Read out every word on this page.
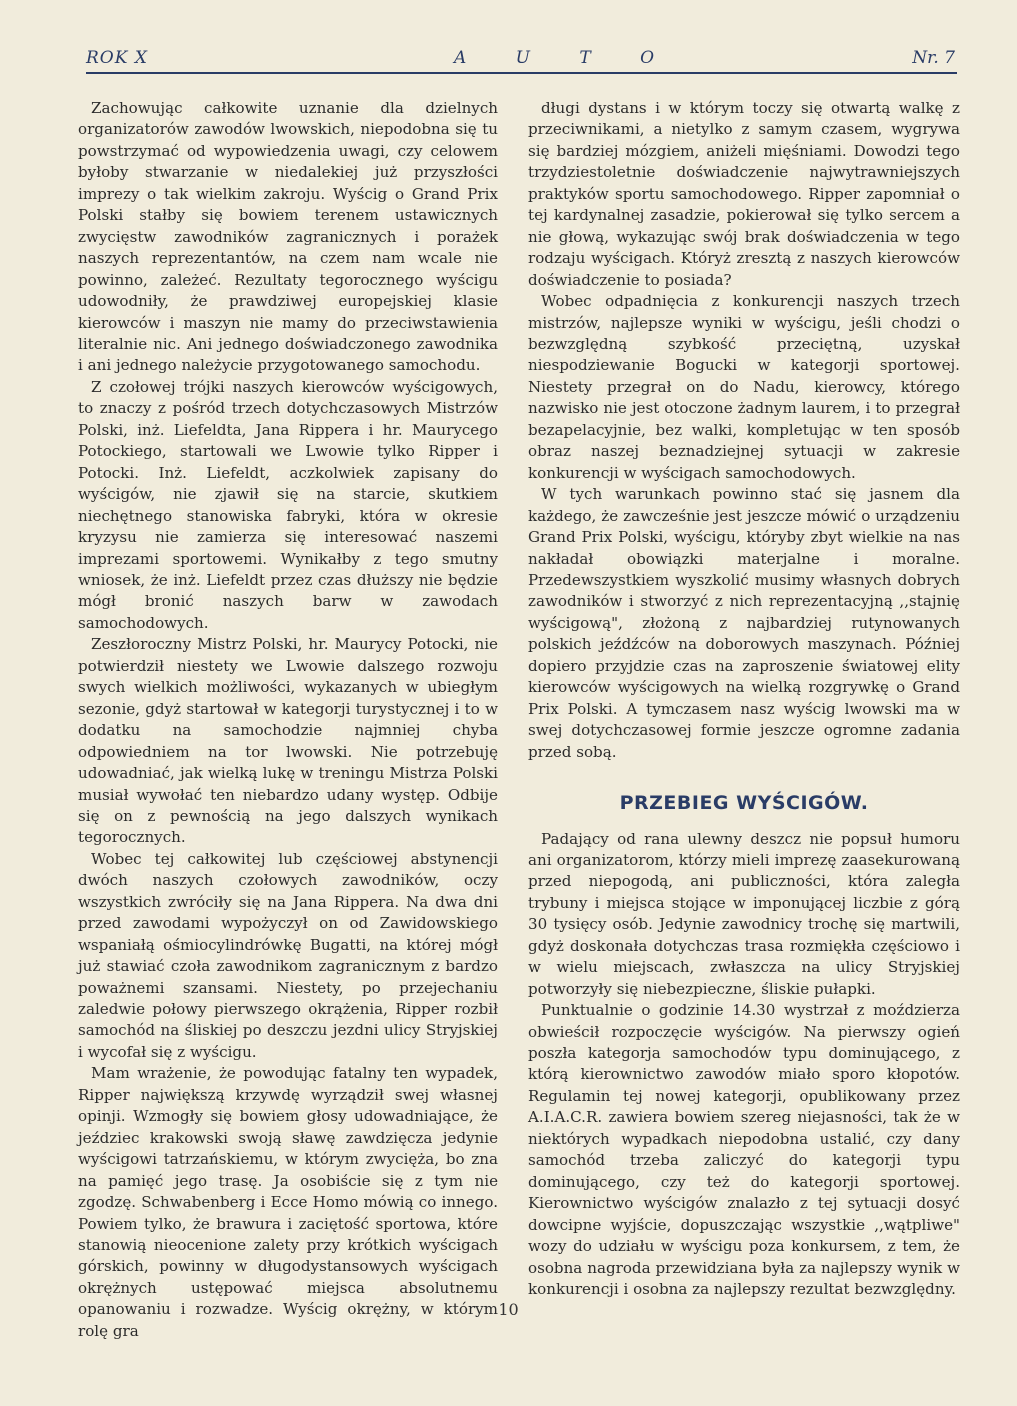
ROK X	A U T O	Nr. 7

Zachowując całkowite uznanie dla dzielnych organizatorów zawodów lwowskich, niepodobna się tu powstrzymać od wypowiedzenia uwagi, czy celowem byłoby stwarzanie w niedalekiej już przyszłości imprezy o tak wielkim zakroju. Wyścig o Grand Prix Polski stałby się bowiem terenem ustawicznych zwycięstw zawodników zagranicznych i porażek naszych reprezentantów, na czem nam wcale nie powinno, zależeć. Rezultaty tegorocznego wyścigu udowodniły, że prawdziwej europejskiej klasie kierowców i maszyn nie mamy do przeciwstawienia literalnie nic. Ani jednego doświadczonego zawodnika i ani jednego należycie przygotowanego samochodu.

Z czołowej trójki naszych kierowców wyścigowych, to znaczy z pośród trzech dotychczasowych Mistrzów Polski, inż. Liefeldta, Jana Rippera i hr. Maurycego Potockiego, startowali we Lwowie tylko Ripper i Potocki. Inż. Liefeldt, aczkolwiek zapisany do wyścigów, nie zjawił się na starcie, skutkiem niechętnego stanowiska fabryki, która w okresie kryzysu nie zamierza się interesować naszemi imprezami sportowemi. Wynikałby z tego smutny wniosek, że inż. Liefeldt przez czas dłuższy nie będzie mógł bronić naszych barw w zawodach samochodowych.

Zeszłoroczny Mistrz Polski, hr. Maurycy Potocki, nie potwierdził niestety we Lwowie dalszego rozwoju swych wielkich możliwości, wykazanych w ubiegłym sezonie, gdyż startował w kategorji turystycznej i to w dodatku na samochodzie najmniej chyba odpowiedniem na tor lwowski. Nie potrzebuję udowadniać, jak wielką lukę w treningu Mistrza Polski musiał wywołać ten niebardzo udany występ. Odbije się on z pewnością na jego dalszych wynikach tegorocznych.

Wobec tej całkowitej lub częściowej abstynencji dwóch naszych czołowych zawodników, oczy wszystkich zwróciły się na Jana Rippera. Na dwa dni przed zawodami wypożyczył on od Zawidowskiego wspaniałą ośmiocylindrówkę Bugatti, na której mógł już stawiać czoła zawodnikom zagranicznym z bardzo poważnemi szansami. Niestety, po przejechaniu zaledwie połowy pierwszego okrążenia, Ripper rozbił samochód na śliskiej po deszczu jezdni ulicy Stryjskiej i wycofał się z wyścigu.

Mam wrażenie, że powodując fatalny ten wypadek, Ripper największą krzywdę wyrządził swej własnej opinji. Wzmogły się bowiem głosy udowadniające, że jeździec krakowski swoją sławę zawdzięcza jedynie wyścigowi tatrzańskiemu, w którym zwycięża, bo zna na pamięć jego trasę. Ja osobiście się z tym nie zgodzę. Schwabenberg i Ecce Homo mówią co innego. Powiem tylko, że brawura i zaciętość sportowa, które stanowią nieocenione zalety przy krótkich wyścigach górskich, powinny w długodystansowych wyścigach okrężnych ustępować miejsca absolutnemu opanowaniu i rozwadze. Wyścig okrężny, w którym rolę gra

długi dystans i w którym toczy się otwartą walkę z przeciwnikami, a nietylko z samym czasem, wygrywa się bardziej mózgiem, aniżeli mięśniami. Dowodzi tego trzydziestoletnie doświadczenie najwytrawniejszych praktyków sportu samochodowego. Ripper zapomniał o tej kardynalnej zasadzie, pokierował się tylko sercem a nie głową, wykazując swój brak doświadczenia w tego rodzaju wyścigach. Któryż zresztą z naszych kierowców doświadczenie to posiada?

Wobec odpadnięcia z konkurencji naszych trzech mistrzów, najlepsze wyniki w wyścigu, jeśli chodzi o bezwzględną szybkość przeciętną, uzyskał niespodziewanie Bogucki w kategorji sportowej. Niestety przegrał on do Nadu, kierowcy, którego nazwisko nie jest otoczone żadnym laurem, i to przegrał bezapelacyjnie, bez walki, kompletując w ten sposób obraz naszej beznadziejnej sytuacji w zakresie konkurencji w wyścigach samochodowych.

W tych warunkach powinno stać się jasnem dla każdego, że zawcześnie jest jeszcze mówić o urządzeniu Grand Prix Polski, wyścigu, któryby zbyt wielkie na nas nakładał obowiązki materjalne i moralne. Przedewszystkiem wyszkolić musimy własnych dobrych zawodników i stworzyć z nich reprezentacyjną ,,stajnię wyścigową", złożoną z najbardziej rutynowanych polskich jeźdźców na doborowych maszynach. Później dopiero przyjdzie czas na zaproszenie światowej elity kierowców wyścigowych na wielką rozgrywkę o Grand Prix Polski. A tymczasem nasz wyścig lwowski ma w swej dotychczasowej formie jeszcze ogromne zadania przed sobą.

PRZEBIEG WYŚCIGÓW.

Padający od rana ulewny deszcz nie popsuł humoru ani organizatorom, którzy mieli imprezę zaasekurowaną przed niepogodą, ani publiczności, która zaległa trybuny i miejsca stojące w imponującej liczbie z górą 30 tysięcy osób. Jedynie zawodnicy trochę się martwili, gdyż doskonała dotychczas trasa rozmiękła częściowo i w wielu miejscach, zwłaszcza na ulicy Stryjskiej potworzyły się niebezpieczne, śliskie pułapki.

Punktualnie o godzinie 14.30 wystrzał z moździerza obwieścił rozpoczęcie wyścigów. Na pierwszy ogień poszła kategorja samochodów typu dominującego, z którą kierownictwo zawodów miało sporo kłopotów. Regulamin tej nowej kategorji, opublikowany przez A.I.A.C.R. zawiera bowiem szereg niejasności, tak że w niektórych wypadkach niepodobna ustalić, czy dany samochód trzeba zaliczyć do kategorji typu dominującego, czy też do kategorji sportowej. Kierownictwo wyścigów znalazło z tej sytuacji dosyć dowcipne wyjście, dopuszczając wszystkie ,,wątpliwe" wozy do udziału w wyścigu poza konkursem, z tem, że osobna nagroda przewidziana była za najlepszy wynik w konkurencji i osobna za najlepszy rezultat bezwzględny.

10
